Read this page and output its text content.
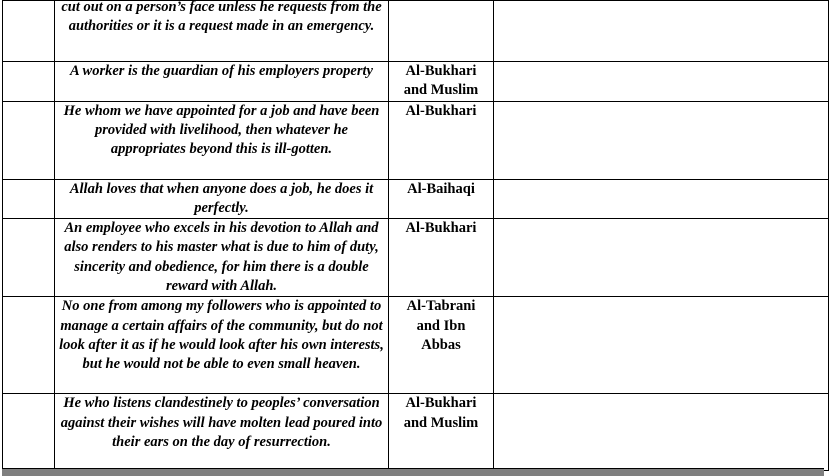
	cut out on a person’s face unless he requests from the authorities or it is a request made in an emergency.		

	A worker is the guardian of his employers property	Al-Bukhari and Muslim	

	He whom we have appointed for a job and have been provided with livelihood, then whatever he appropriates beyond this is ill-gotten.	Al-Bukhari	

	Allah loves that when anyone does a job, he does it perfectly.	Al-Baihaqi	

	An employee who excels in his devotion to Allah and also renders to his master what is due to him of duty, sincerity and obedience, for him there is a double reward with Allah.	Al-Bukhari	

	No one from among my followers who is appointed to manage a certain affairs of the community, but do not look after it as if he would look after his own interests, but he would not be able to even small heaven.	Al-Tabrani and Ibn Abbas	

	He who listens clandestinely to peoples’ conversation against their wishes will have molten lead poured into their ears on the day of resurrection.	Al-Bukhari and Muslim	
